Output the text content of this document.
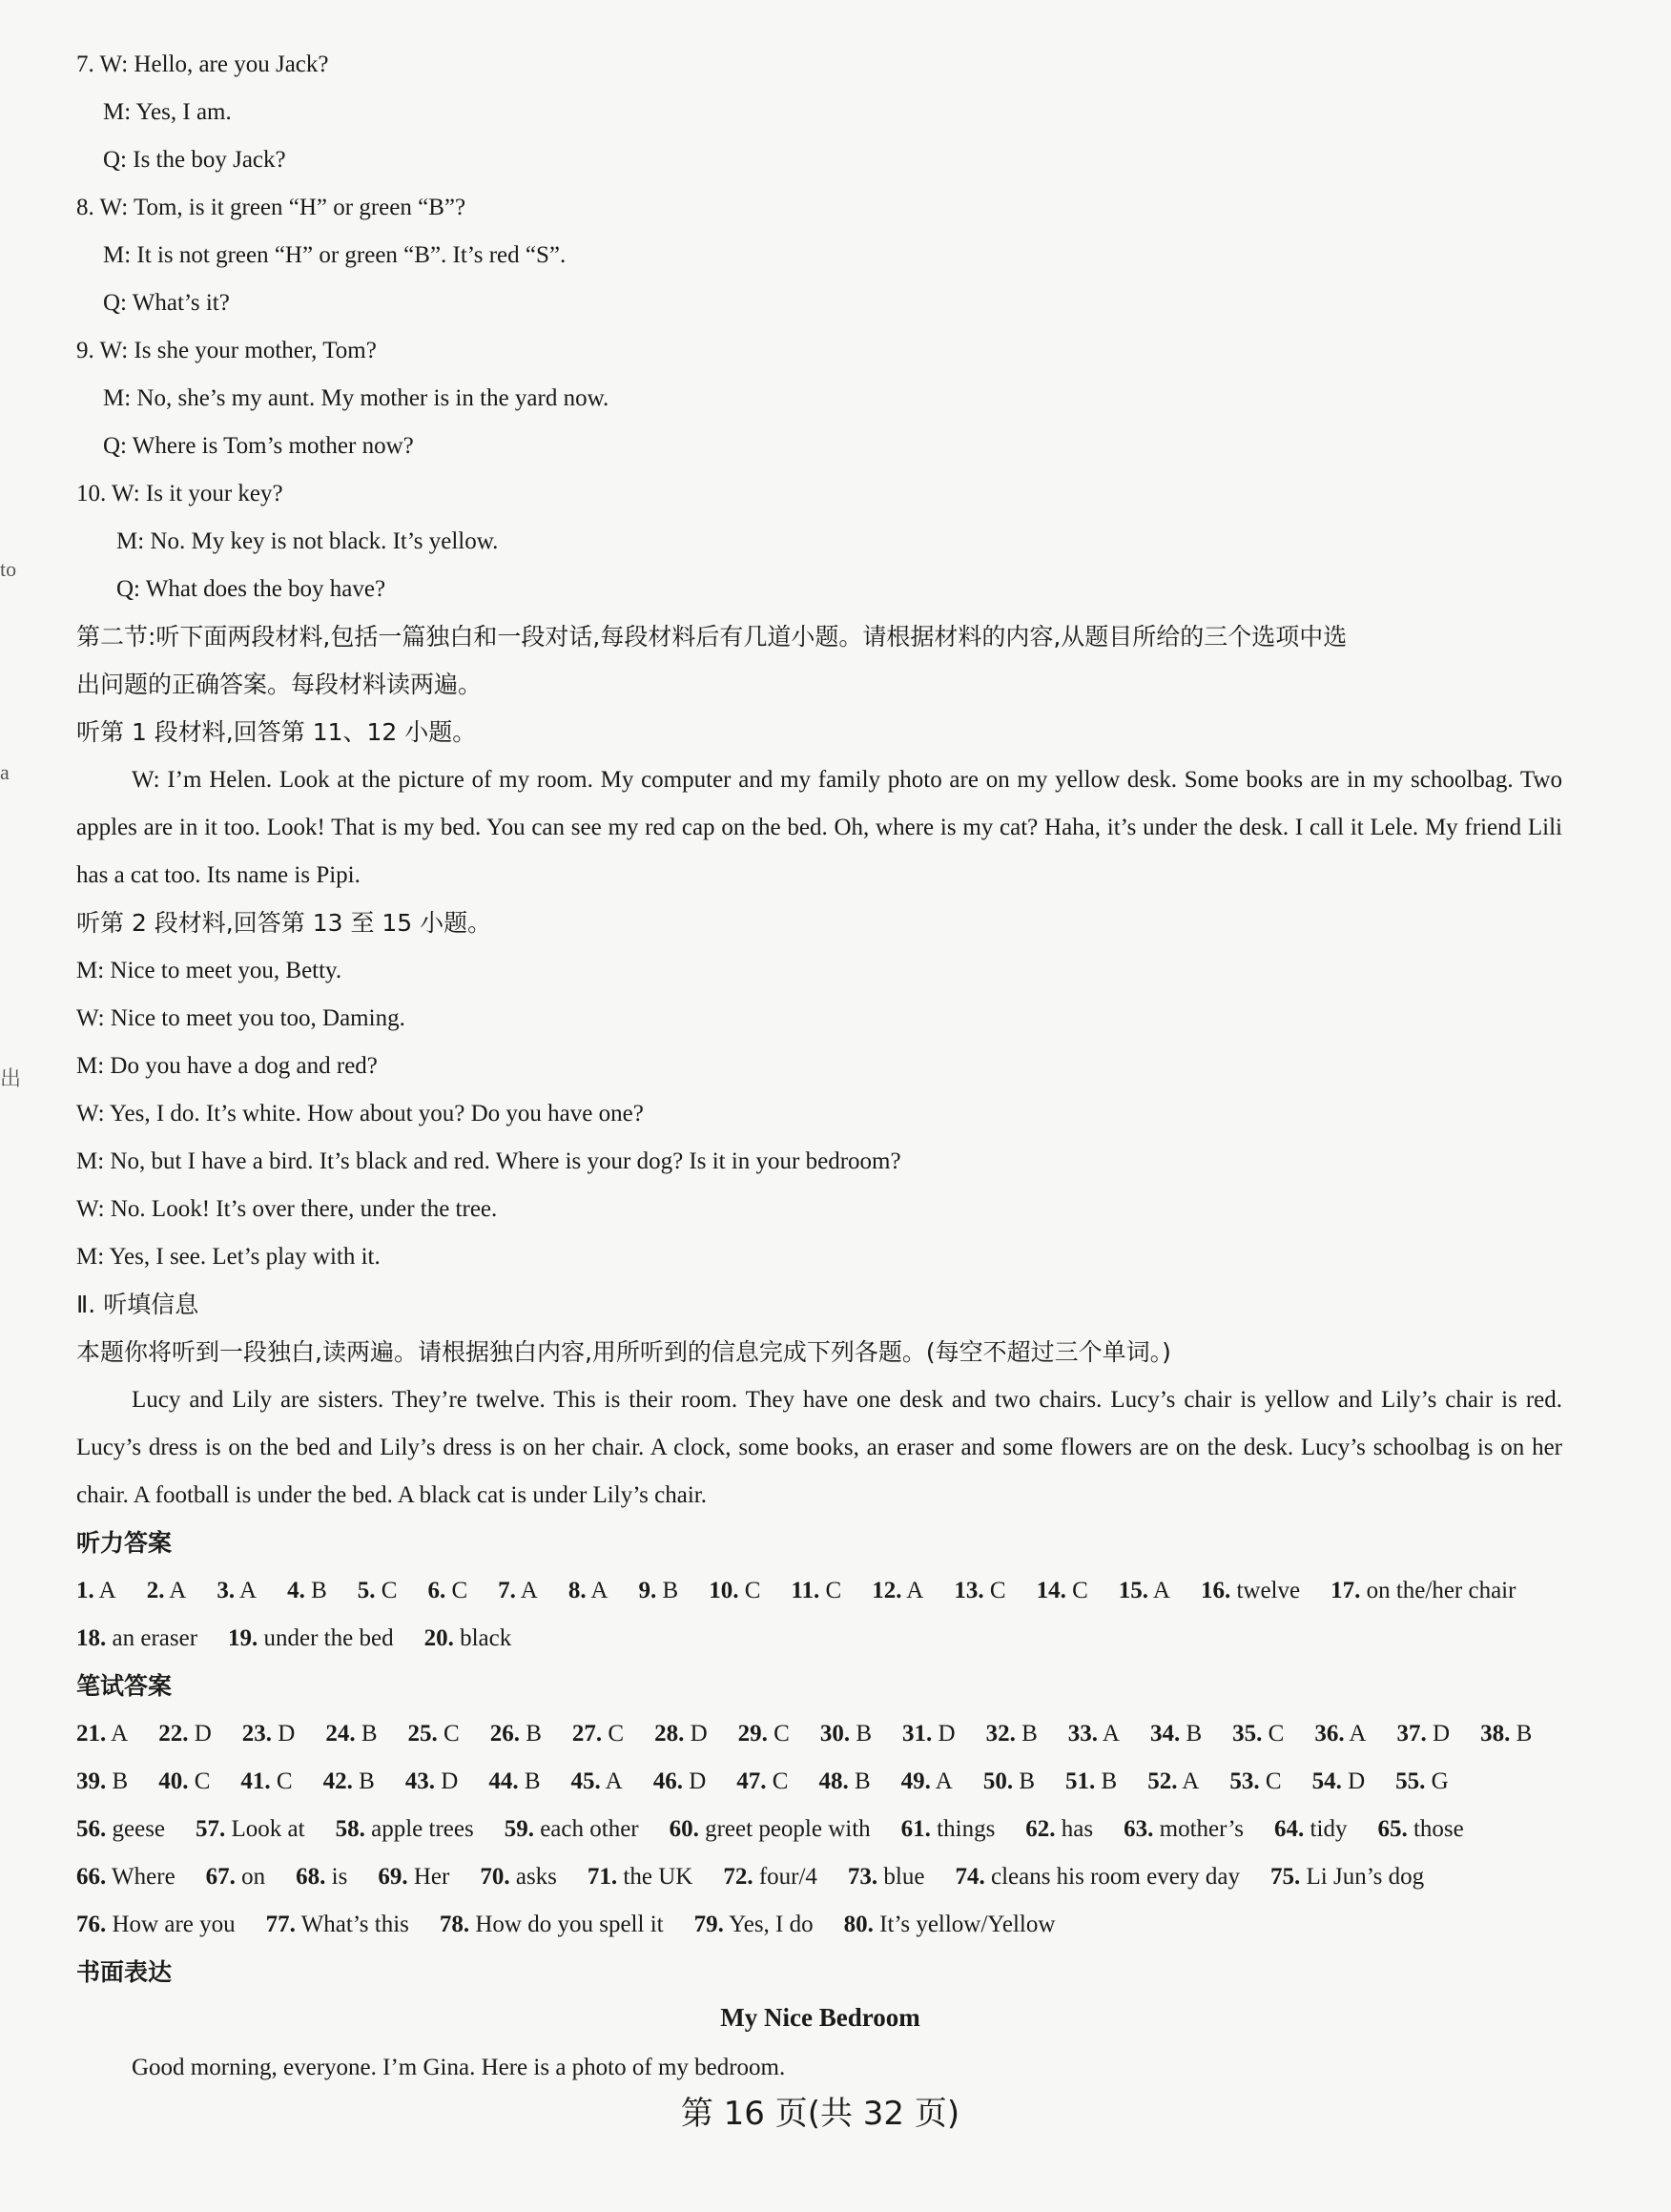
to
a
出
7. W: Hello, are you Jack?
M: Yes, I am.
Q: Is the boy Jack?
8. W: Tom, is it green “H” or green “B”?
M: It is not green “H” or green “B”. It’s red “S”.
Q: What’s it?
9. W: Is she your mother, Tom?
M: No, she’s my aunt. My mother is in the yard now.
Q: Where is Tom’s mother now?
10. W: Is it your key?
M: No. My key is not black. It’s yellow.
Q: What does the boy have?
第二节:听下面两段材料,包括一篇独白和一段对话,每段材料后有几道小题。请根据材料的内容,从题目所给的三个选项中选
出问题的正确答案。每段材料读两遍。
听第 1 段材料,回答第 11、12 小题。
W: I’m Helen. Look at the picture of my room. My computer and my family photo are on my yellow desk. Some books are in my schoolbag. Two apples are in it too. Look! That is my bed. You can see my red cap on the bed. Oh, where is my cat? Haha, it’s under the desk. I call it Lele. My friend Lili has a cat too. Its name is Pipi.
听第 2 段材料,回答第 13 至 15 小题。
M: Nice to meet you, Betty.
W: Nice to meet you too, Daming.
M: Do you have a dog and red?
W: Yes, I do. It’s white. How about you? Do you have one?
M: No, but I have a bird. It’s black and red. Where is your dog? Is it in your bedroom?
W: No. Look! It’s over there, under the tree.
M: Yes, I see. Let’s play with it.
Ⅱ. 听填信息
本题你将听到一段独白,读两遍。请根据独白内容,用所听到的信息完成下列各题。(每空不超过三个单词。)
Lucy and Lily are sisters. They’re twelve. This is their room. They have one desk and two chairs. Lucy’s chair is yellow and Lily’s chair is red. Lucy’s dress is on the bed and Lily’s dress is on her chair. A clock, some books, an eraser and some flowers are on the desk. Lucy’s schoolbag is on her chair. A football is under the bed. A black cat is under Lily’s chair.
听力答案
1. A 2. A 3. A 4. B 5. C 6. C 7. A 8. A 9. B 10. C 11. C 12. A 13. C 14. C 15. A 16. twelve 17. on the/her chair18. an eraser 19. under the bed 20. black
笔试答案
21. A 22. D 23. D 24. B 25. C 26. B 27. C 28. D 29. C 30. B 31. D 32. B 33. A 34. B 35. C 36. A 37. D 38. B39. B 40. C 41. C 42. B 43. D 44. B 45. A 46. D 47. C 48. B 49. A 50. B 51. B 52. A 53. C 54. D 55. G56. geese 57. Look at 58. apple trees 59. each other 60. greet people with 61. things 62. has 63. mother’s 64. tidy 65. those66. Where 67. on 68. is 69. Her 70. asks 71. the UK 72. four/4 73. blue 74. cleans his room every day 75. Li Jun’s dog76. How are you 77. What’s this 78. How do you spell it 79. Yes, I do 80. It’s yellow/Yellow
书面表达
My Nice Bedroom
Good morning, everyone. I’m Gina. Here is a photo of my bedroom.
第 16 页(共 32 页)
